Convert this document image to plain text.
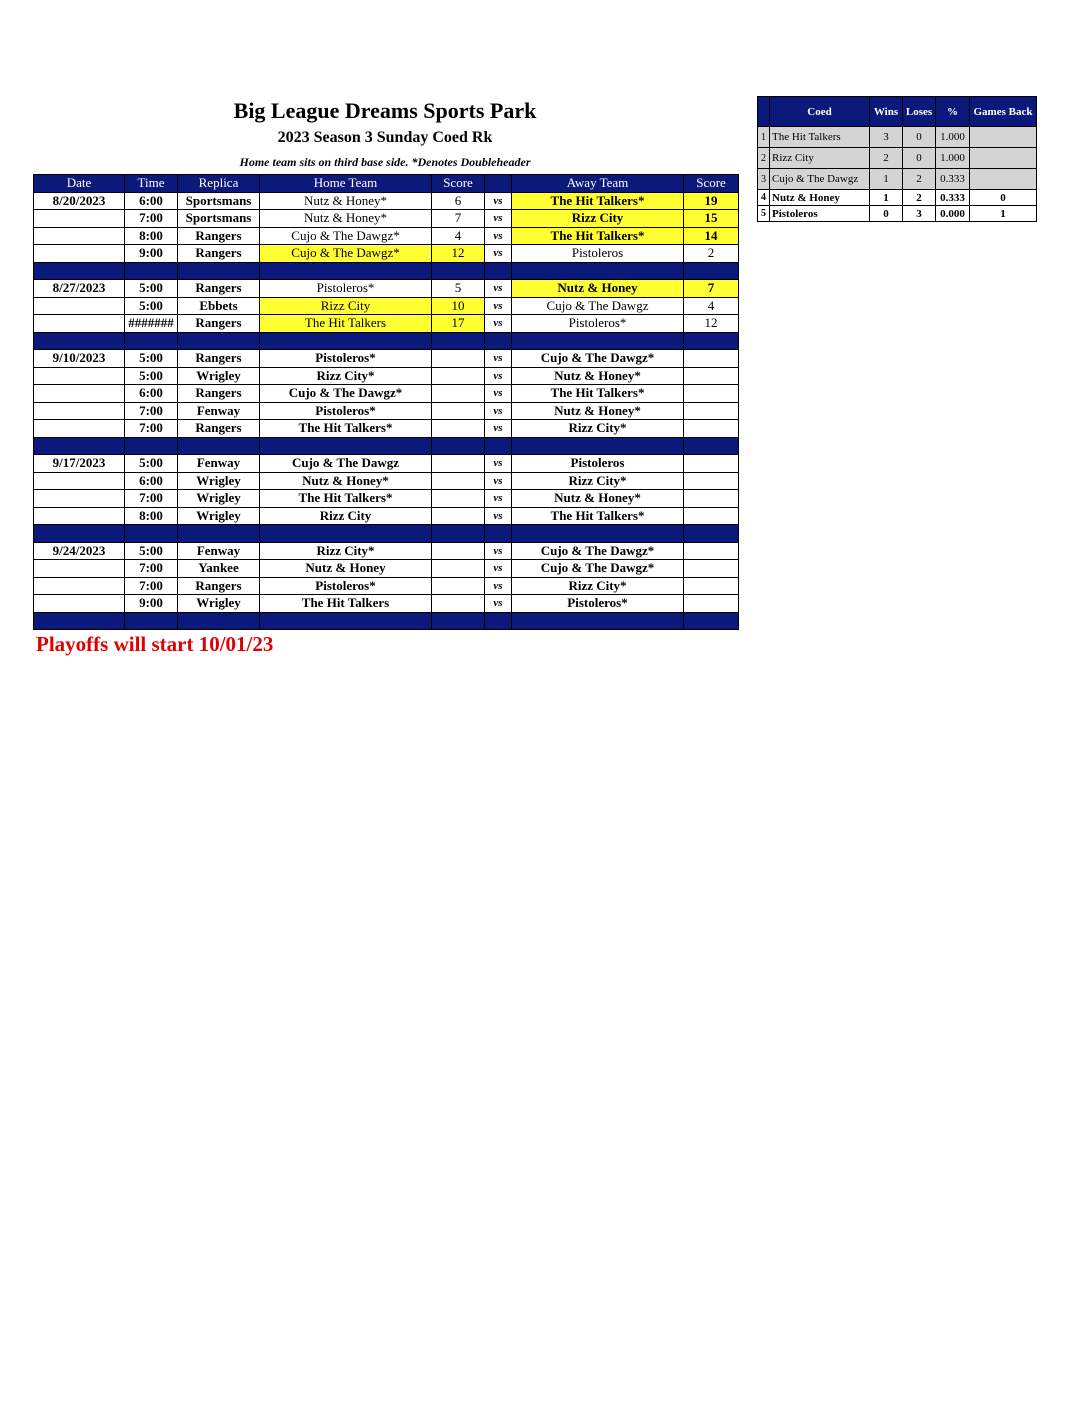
Big League Dreams Sports Park
2023 Season 3 Sunday Coed Rk
Home team sits on third base side. *Denotes Doubleheader
Date	Time	Replica	Home Team	Score		Away Team	Score
8/20/2023	6:00	Sportsmans	Nutz & Honey*	6	vs	The Hit Talkers*	19
	7:00	Sportsmans	Nutz & Honey*	7	vs	Rizz City	15
	8:00	Rangers	Cujo & The Dawgz*	4	vs	The Hit Talkers*	14
	9:00	Rangers	Cujo & The Dawgz*	12	vs	Pistoleros	2

8/27/2023	5:00	Rangers	Pistoleros*	5	vs	Nutz & Honey	7
	5:00	Ebbets	Rizz City	10	vs	Cujo & The Dawgz	4
	#######	Rangers	The Hit Talkers	17	vs	Pistoleros*	12

9/10/2023	5:00	Rangers	Pistoleros*		vs	Cujo & The Dawgz*	
	5:00	Wrigley	Rizz City*		vs	Nutz & Honey*	
	6:00	Rangers	Cujo & The Dawgz*		vs	The Hit Talkers*	
	7:00	Fenway	Pistoleros*		vs	Nutz & Honey*	
	7:00	Rangers	The Hit Talkers*		vs	Rizz City*	

9/17/2023	5:00	Fenway	Cujo & The Dawgz		vs	Pistoleros	
	6:00	Wrigley	Nutz & Honey*		vs	Rizz City*	
	7:00	Wrigley	The Hit Talkers*		vs	Nutz & Honey*	
	8:00	Wrigley	Rizz City		vs	The Hit Talkers*	

9/24/2023	5:00	Fenway	Rizz City*		vs	Cujo & The Dawgz*	
	7:00	Yankee	Nutz & Honey		vs	Cujo & The Dawgz*	
	7:00	Rangers	Pistoleros*		vs	Rizz City*	
	9:00	Wrigley	The Hit Talkers		vs	Pistoleros*	

	Coed	Wins	Loses	%	Games Back
1	The Hit Talkers	3	0	1.000	
2	Rizz City	2	0	1.000	
3	Cujo & The Dawgz	1	2	0.333	
4	Nutz & Honey	1	2	0.333	0
5	Pistoleros	0	3	0.000	1
Playoffs will start 10/01/23
